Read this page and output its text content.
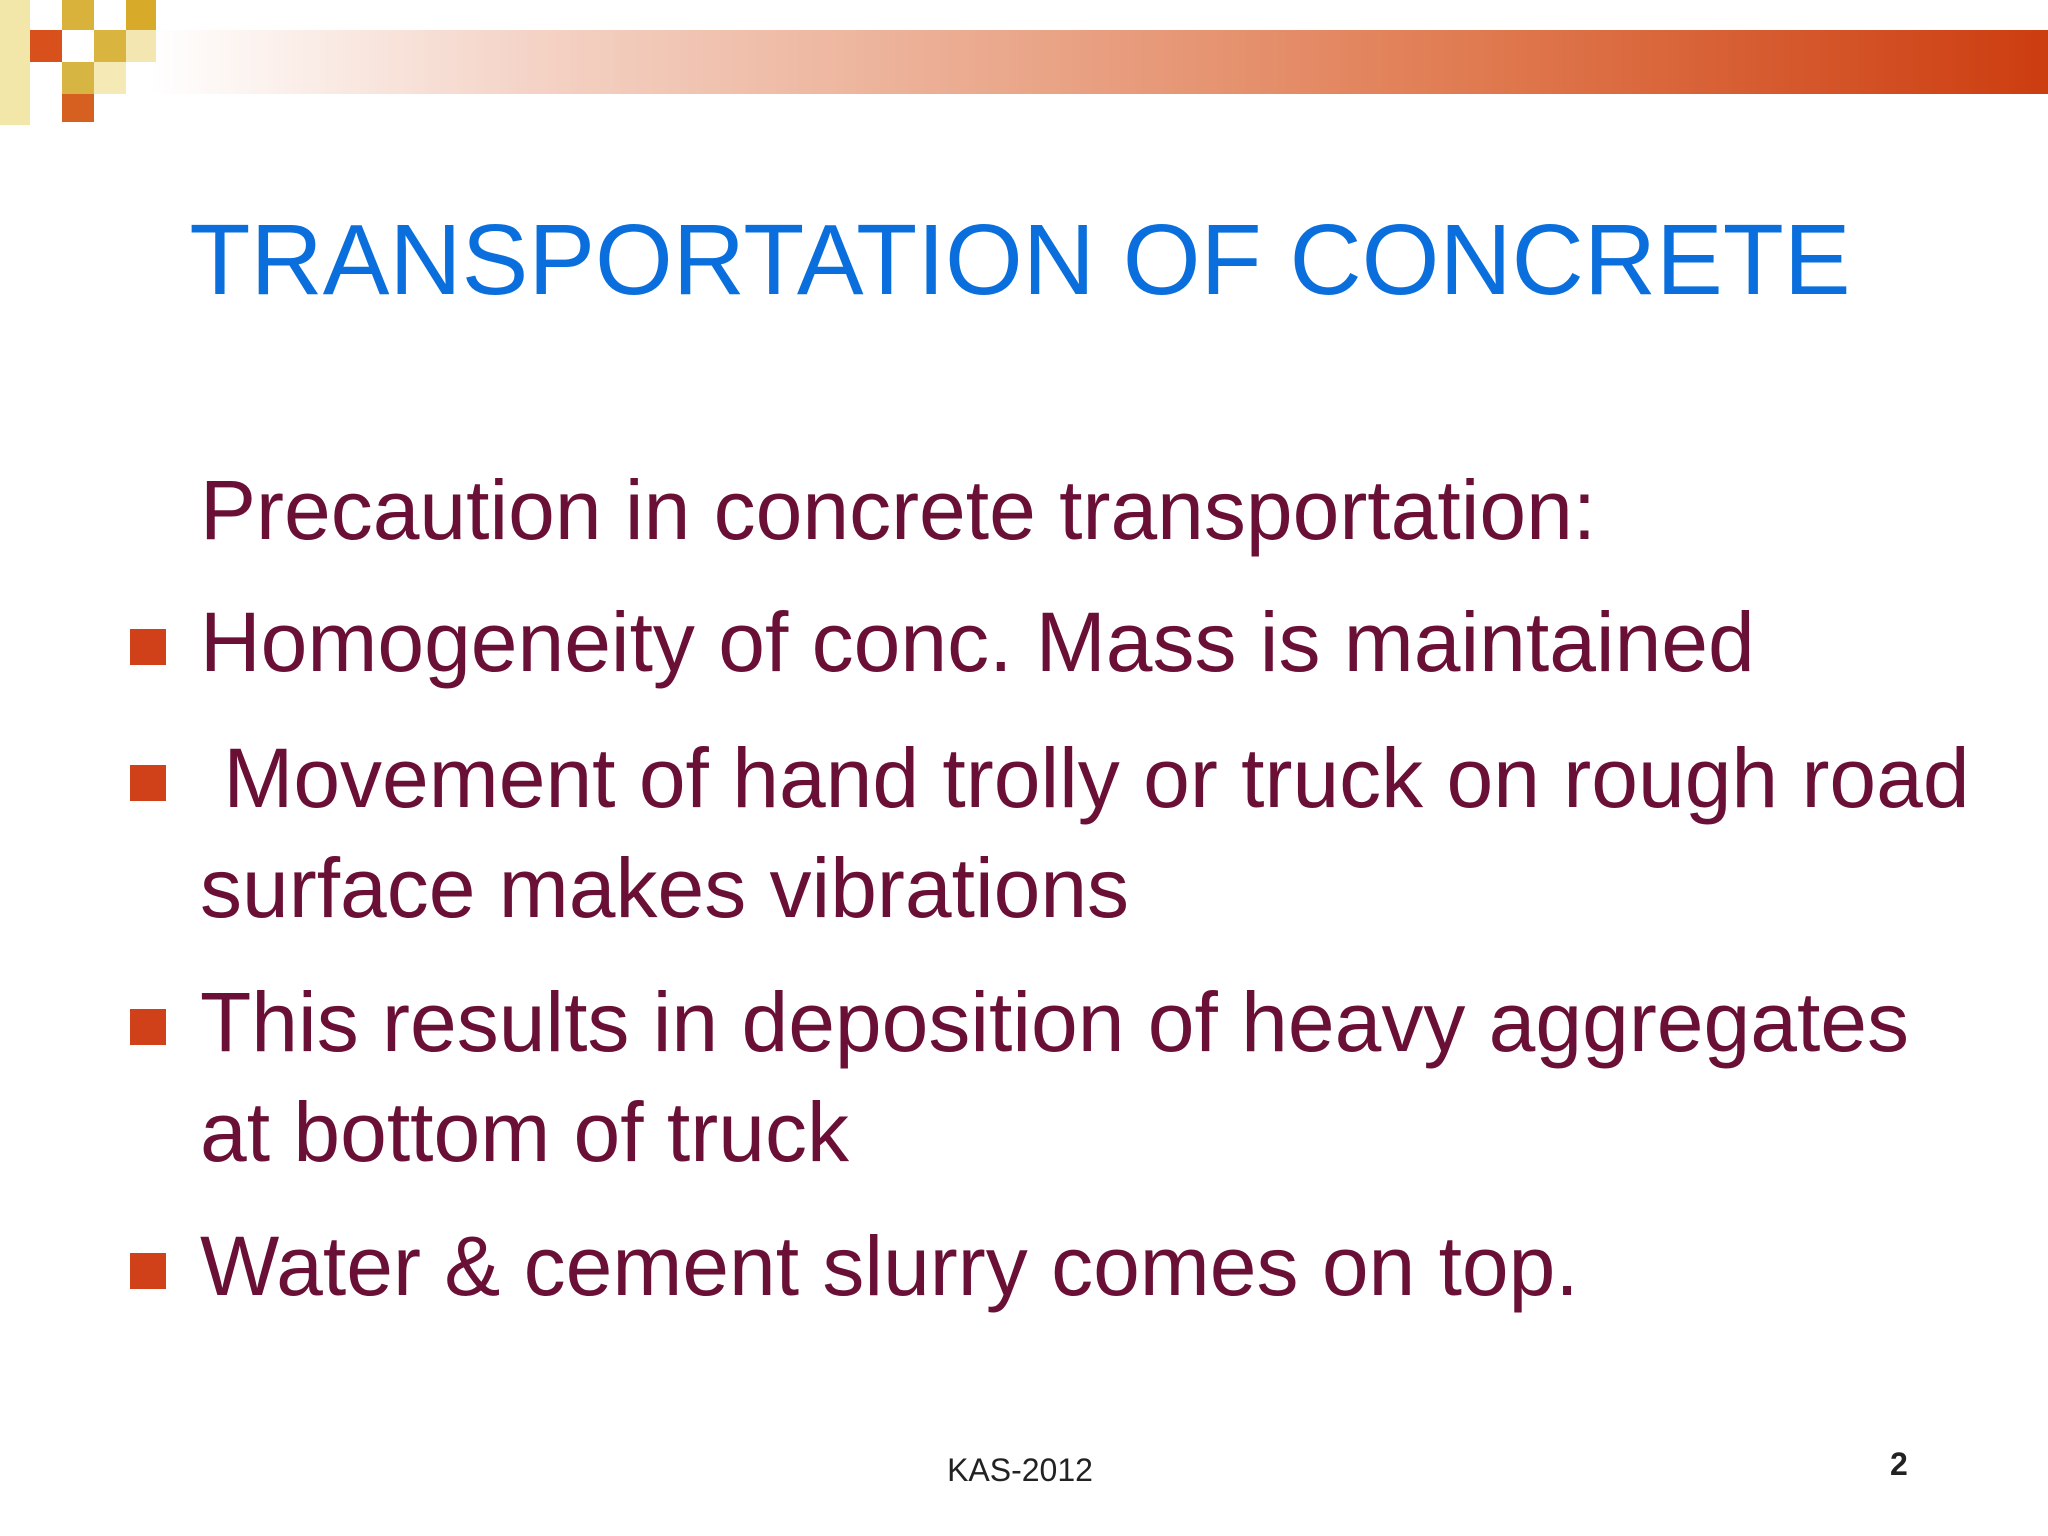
TRANSPORTATION OF CONCRETE
Precaution in concrete transportation:
Homogeneity of conc. Mass is maintained
Movement of hand trolly or truck on rough road surface makes vibrations
This results in deposition of heavy aggregates  at bottom of truck
Water & cement slurry comes on top.
KAS-2012	2
